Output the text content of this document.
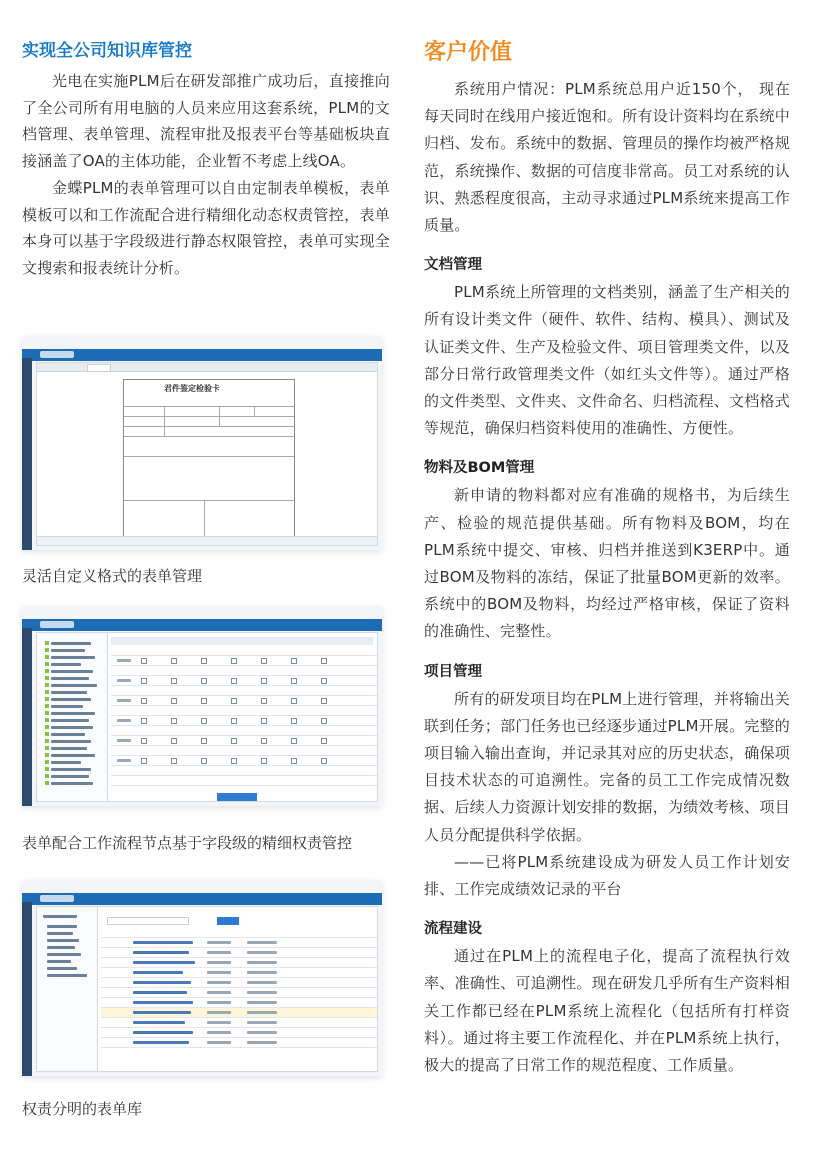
实现全公司知识库管控

光电在实施PLM后在研发部推广成功后，直接推向了全公司所有用电脑的人员来应用这套系统，PLM的文档管理、表单管理、流程审批及报表平台等基础板块直接涵盖了OA的主体功能，企业暂不考虑上线OA。

金蝶PLM的表单管理可以自由定制表单模板，表单模板可以和工作流配合进行精细化动态权责管控，表单本身可以基于字段级进行静态权限管控，表单可实现全文搜索和报表统计分析。

君件鉴定检验卡

灵活自定义格式的表单管理

表单配合工作流程节点基于字段级的精细权责管控

权责分明的表单库

客户价值

系统用户情况：PLM系统总用户近150个， 现在每天同时在线用户接近饱和。所有设计资料均在系统中归档、发布。系统中的数据、管理员的操作均被严格规范，系统操作、数据的可信度非常高。员工对系统的认识、熟悉程度很高，主动寻求通过PLM系统来提高工作质量。

文档管理

PLM系统上所管理的文档类别，涵盖了生产相关的所有设计类文件（硬件、软件、结构、模具）、测试及认证类文件、生产及检验文件、项目管理类文件，以及部分日常行政管理类文件（如红头文件等）。通过严格的文件类型、文件夹、文件命名、归档流程、文档格式等规范，确保归档资料使用的准确性、方便性。

物料及BOM管理

新申请的物料都对应有准确的规格书，为后续生产、检验的规范提供基础。所有物料及BOM，均在PLM系统中提交、审核、归档并推送到K3ERP中。通过BOM及物料的冻结，保证了批量BOM更新的效率。系统中的BOM及物料，均经过严格审核，保证了资料的准确性、完整性。

项目管理

所有的研发项目均在PLM上进行管理，并将输出关联到任务；部门任务也已经逐步通过PLM开展。完整的项目输入输出查询，并记录其对应的历史状态，确保项目技术状态的可追溯性。完备的员工工作完成情况数据、后续人力资源计划安排的数据，为绩效考核、项目人员分配提供科学依据。

——已将PLM系统建设成为研发人员工作计划安排、工作完成绩效记录的平台

流程建设

通过在PLM上的流程电子化，提高了流程执行效率、准确性、可追溯性。现在研发几乎所有生产资料相关工作都已经在PLM系统上流程化（包括所有打样资料）。通过将主要工作流程化、并在PLM系统上执行，极大的提高了日常工作的规范程度、工作质量。
